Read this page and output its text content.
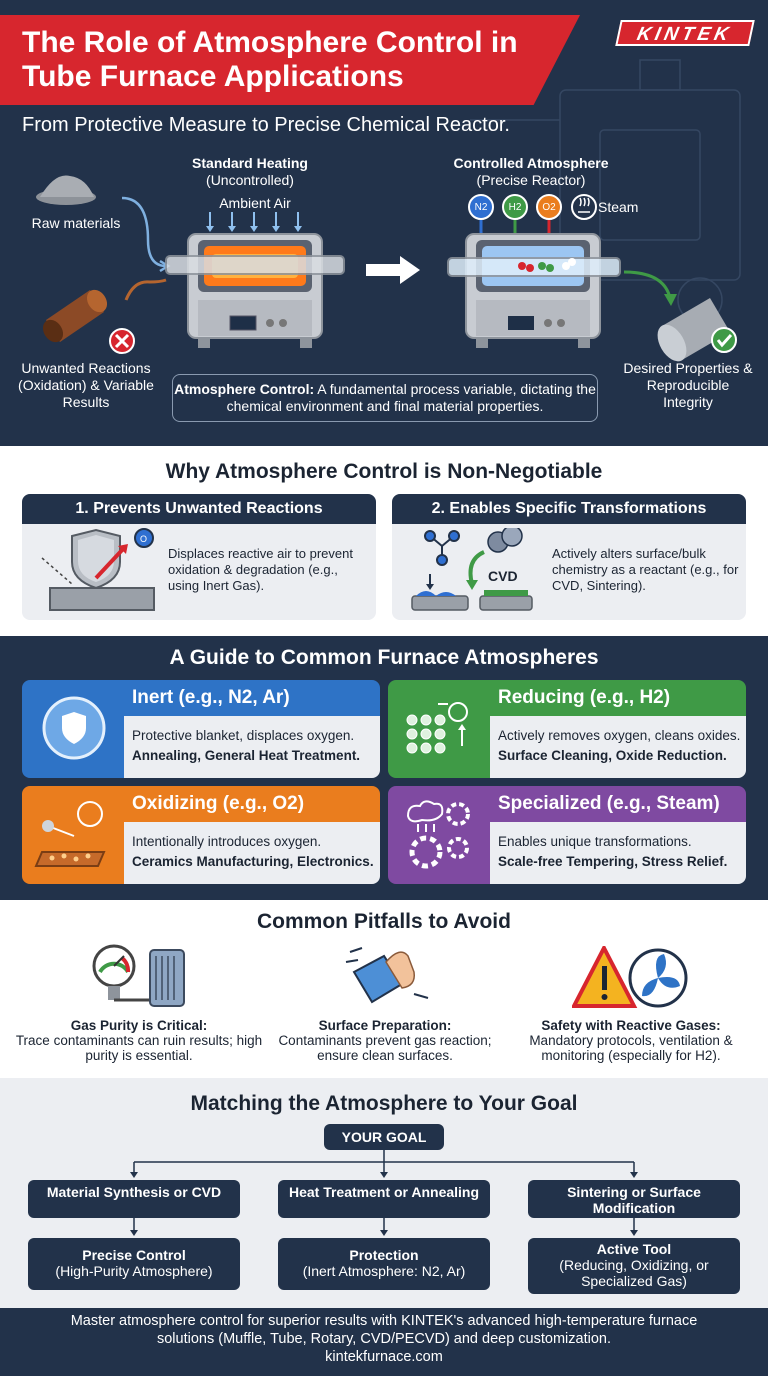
The Role of Atmosphere Control in Tube Furnace Applications
KINTEK
From Protective Measure to Precise Chemical Reactor.
Standard Heating
(Uncontrolled)
Ambient Air
Raw materials
Unwanted Reactions (Oxidation) & Variable Results
Controlled Atmosphere
(Precise Reactor)
N2	H2	O2	Steam
Desired Properties & Reproducible Integrity
Atmosphere Control: A fundamental process variable, dictating the chemical environment and final material properties.
Why Atmosphere Control is Non-Negotiable
1. Prevents Unwanted Reactions
O
Displaces reactive air to prevent oxidation & degradation (e.g., using Inert Gas).
2. Enables Specific Transformations
CVD
Actively alters surface/bulk chemistry as a reactant (e.g., for CVD, Sintering).
A Guide to Common Furnace Atmospheres
Inert (e.g., N2, Ar)
Protective blanket, displaces oxygen.
Annealing, General Heat Treatment.
Reducing (e.g., H2)
Actively removes oxygen, cleans oxides.
Surface Cleaning, Oxide Reduction.
Oxidizing (e.g., O2)
Intentionally introduces oxygen.
Ceramics Manufacturing, Electronics.
Specialized (e.g., Steam)
Enables unique transformations.
Scale-free Tempering, Stress Relief.
Common Pitfalls to Avoid
Gas Purity is Critical:
Trace contaminants can ruin results; high purity is essential.
Surface Preparation:
Contaminants prevent gas reaction; ensure clean surfaces.
Safety with Reactive Gases:
Mandatory protocols, ventilation & monitoring (especially for H2).
Matching the Atmosphere to Your Goal
YOUR GOAL
Material Synthesis or CVD	Heat Treatment or Annealing	Sintering or Surface Modification
Precise Control
(High-Purity Atmosphere)
Protection
(Inert Atmosphere: N2, Ar)
Active Tool
(Reducing, Oxidizing, or Specialized Gas)
Master atmosphere control for superior results with KINTEK's advanced high-temperature furnace solutions (Muffle, Tube, Rotary, CVD/PECVD) and deep customization.
kintekfurnace.com
